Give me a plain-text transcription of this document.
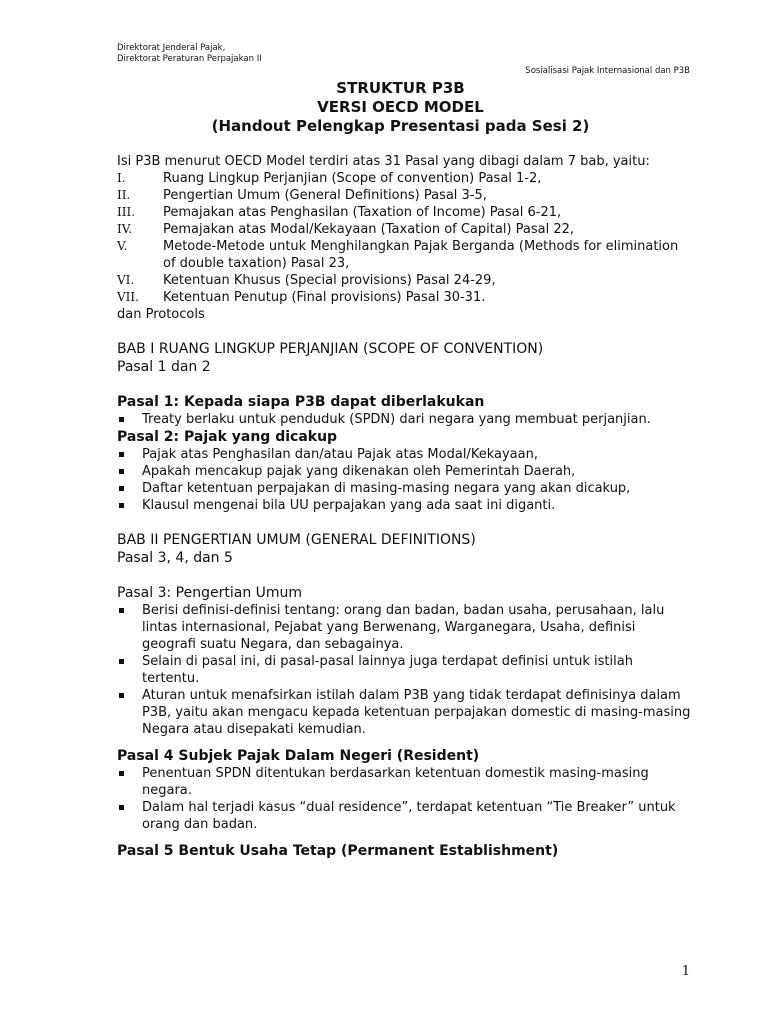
Direktorat Jenderal Pajak,
Direktorat Peraturan Perpajakan II
Sosialisasi Pajak Internasional dan P3B
STRUKTUR P3B
VERSI OECD MODEL
(Handout Pelengkap Presentasi pada Sesi 2)

Isi P3B menurut OECD Model terdiri atas 31 Pasal yang dibagi dalam 7 bab, yaitu:

I.	Ruang Lingkup Perjanjian (Scope of convention) Pasal 1-2,
II.	Pengertian Umum (General Definitions) Pasal 3-5,
III. Pemajakan atas Penghasilan (Taxation of Income) Pasal 6-21,
IV. Pemajakan atas Modal/Kekayaan (Taxation of Capital) Pasal 22,
V.	Metode-Metode untuk Menghilangkan Pajak Berganda (Methods for elimination of double taxation) Pasal 23,
VI. Ketentuan Khusus (Special provisions) Pasal 24-29,
VII. Ketentuan Penutup (Final provisions) Pasal 30-31.

dan Protocols

BAB I RUANG LINGKUP PERJANJIAN (SCOPE OF CONVENTION)

Pasal 1 dan 2

Pasal 1: Kepada siapa P3B dapat diberlakukan

Treaty berlaku untuk penduduk (SPDN) dari negara yang membuat perjanjian.

Pasal 2: Pajak yang dicakup

Pajak atas Penghasilan dan/atau Pajak atas Modal/Kekayaan,
Apakah mencakup pajak yang dikenakan oleh Pemerintah Daerah,
Daftar ketentuan perpajakan di masing-masing negara yang akan dicakup,
Klausul mengenai bila UU perpajakan yang ada saat ini diganti.

BAB II PENGERTIAN UMUM (GENERAL DEFINITIONS)

Pasal 3, 4, dan 5

Pasal 3: Pengertian Umum

Berisi definisi-definisi tentang: orang dan badan, badan usaha, perusahaan, lalu lintas internasional, Pejabat yang Berwenang, Warganegara, Usaha, definisi geografi suatu Negara, dan sebagainya.
Selain di pasal ini, di pasal-pasal lainnya juga terdapat definisi untuk istilah tertentu.
Aturan untuk menafsirkan istilah dalam P3B yang tidak terdapat definisinya dalam P3B, yaitu akan mengacu kepada ketentuan perpajakan domestic di masing-masing Negara atau disepakati kemudian.

Pasal 4 Subjek Pajak Dalam Negeri (Resident)

Penentuan SPDN ditentukan berdasarkan ketentuan domestik masing-masing negara.
Dalam hal terjadi kasus “dual residence”, terdapat ketentuan “Tie Breaker” untuk orang dan badan.

Pasal 5 Bentuk Usaha Tetap (Permanent Establishment)

1
